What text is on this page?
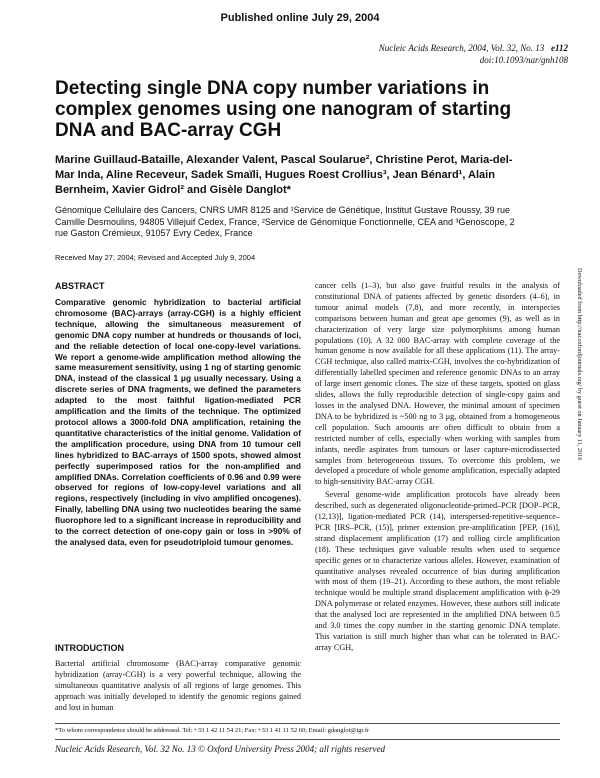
Published online July 29, 2004
Nucleic Acids Research, 2004, Vol. 32, No. 13 e112
doi:10.1093/nar/gnh108
Detecting single DNA copy number variations in complex genomes using one nanogram of starting DNA and BAC-array CGH
Marine Guillaud-Bataille, Alexander Valent, Pascal Soularue², Christine Perot, Maria-del-Mar Inda, Aline Receveur, Sadek Smaïli, Hugues Roest Crollius³, Jean Bénard¹, Alain Bernheim, Xavier Gidrol² and Gisèle Danglot*
Génomique Cellulaire des Cancers, CNRS UMR 8125 and ¹Service de Génétique, Institut Gustave Roussy, 39 rue Camille Desmoulins, 94805 Villejuif Cedex, France, ²Service de Génomique Fonctionnelle, CEA and ³Genoscope, 2 rue Gaston Crémieux, 91057 Evry Cedex, France
Received May 27, 2004; Revised and Accepted July 9, 2004
ABSTRACT

Comparative genomic hybridization to bacterial artificial chromosome (BAC)-arrays (array-CGH) is a highly efficient technique, allowing the simultaneous measurement of genomic DNA copy number at hundreds or thousands of loci, and the reliable detection of local one-copy-level variations. We report a genome-wide amplification method allowing the same measurement sensitivity, using 1 ng of starting genomic DNA, instead of the classical 1 μg usually necessary. Using a discrete series of DNA fragments, we defined the parameters adapted to the most faithful ligation-mediated PCR amplification and the limits of the technique. The optimized protocol allows a 3000-fold DNA amplification, retaining the quantitative characteristics of the initial genome. Validation of the amplification procedure, using DNA from 10 tumour cell lines hybridized to BAC-arrays of 1500 spots, showed almost perfectly superimposed ratios for the non-amplified and amplified DNAs. Correlation coefficients of 0.96 and 0.99 were observed for regions of low-copy-level variations and all regions, respectively (including in vivo amplified oncogenes). Finally, labelling DNA using two nucleotides bearing the same fluorophore led to a significant increase in reproducibility and to the correct detection of one-copy gain or loss in >90% of the analysed data, even for pseudotriploid tumour genomes.

INTRODUCTION

Bacterial artificial chromosome (BAC)-array comparative genomic hybridization (array-CGH) is a very powerful technique, allowing the simultaneous quantitative analysis of all regions of large genomes. This approach was initially developed to identify the genomic regions gained and lost in human

cancer cells (1–3), but also gave fruitful results in the analysis of constitutional DNA of patients affected by genetic disorders (4–6), in tumour animal models (7,8), and more recently, in interspecies comparisons between human and great ape genomes (9), as well as in characterization of very large size polymorphisms among human populations (10). A 32 000 BAC-array with complete coverage of the human genome is now available for all these applications (11). The array-CGH technique, also called matrix-CGH, involves the co-hybridization of differentially labelled specimen and reference genomic DNAs to an array of large insert genomic clones. The size of these targets, spotted on glass slides, allows the fully reproducible detection of single-copy gains and losses in the analysed DNA. However, the minimal amount of specimen DNA to be hybridized is ~500 ng to 3 μg, obtained from a homogeneous cell population. Such amounts are often difficult to obtain from a restricted number of cells, especially when working with samples from infants, needle aspirates from tumours or laser capture-microdissected samples from heterogeneous tissues. To overcome this problem, we developed a procedure of whole genome amplification, especially adapted to high-sensitivity BAC-array CGH.

Several genome-wide amplification protocols have already been described, such as degenerated oligonucleotide-primed–PCR [DOP–PCR, (12,13)], ligation-mediated PCR (14), interspersed-repetitive-sequence–PCR [IRS–PCR, (15)], primer extension pre-amplification [PEP, (16)], strand displacement amplification (17) and rolling circle amplification (18). These techniques gave valuable results when used to sequence specific genes or to characterize various alleles. However, examination of quantitative analyses revealed occurrence of bias during amplification with most of them (19–21). According to these authors, the most reliable technique would be multiple strand displacement amplification with ϕ-29 DNA polymerase or related enzymes. However, these authors still indicate that the analysed loci are represented in the amplified DNA between 0.5 and 3.0 times the copy number in the starting genomic DNA template. This variation is still much higher than what can be tolerated in BAC-array CGH,

*To whom correspondence should be addressed. Tel: +33 1 42 11 54 21; Fax: +33 1 41 11 52 60; Email: gdanglot@igr.fr
Nucleic Acids Research, Vol. 32 No. 13 © Oxford University Press 2004; all rights reserved
Downloaded from http://nar.oxfordjournals.org/ by guest on January 11, 2016
